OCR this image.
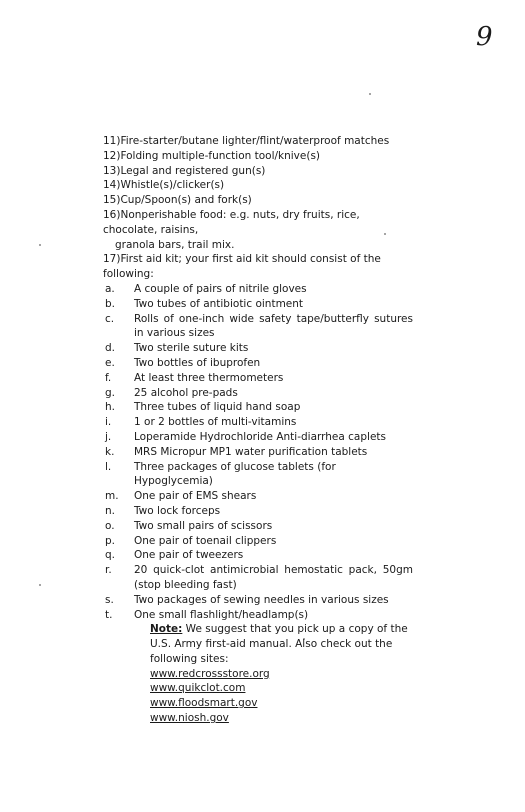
9
11)Fire-starter/butane lighter/flint/waterproof matches
12)Folding multiple-function tool/knive(s)
13)Legal and registered gun(s)
14)Whistle(s)/clicker(s)
15)Cup/Spoon(s) and fork(s)
16)Nonperishable food: e.g. nuts, dry fruits, rice, chocolate, raisins,
granola bars, trail mix.
17)First aid kit; your first aid kit should consist of the following:
a.	A couple of pairs of nitrile gloves
b.	Two tubes of antibiotic ointment
c.	Rolls of one-inch wide safety tape/butterfly sutures in various sizes
d.	Two sterile suture kits
e.	Two bottles of ibuprofen
f.	At least three thermometers
g.	25 alcohol pre-pads
h.	Three tubes of liquid hand soap
i.	1 or 2 bottles of multi-vitamins
j.	Loperamide Hydrochloride Anti-diarrhea caplets
k.	MRS Micropur MP1 water purification tablets
l.	Three packages of glucose tablets (for Hypoglycemia)
m.	One pair of EMS shears
n.	Two lock forceps
o.	Two small pairs of scissors
p.	One pair of toenail clippers
q.	One pair of tweezers
r.	20 quick-clot antimicrobial hemostatic pack, 50gm (stop bleeding fast)
s.	Two packages of sewing needles in various sizes
t.	One small flashlight/headlamp(s)
Note: We suggest that you pick up a copy of the U.S. Army first-aid manual. Also check out the following sites:
www.redcrossstore.org
www.quikclot.com
www.floodsmart.gov
www.niosh.gov
